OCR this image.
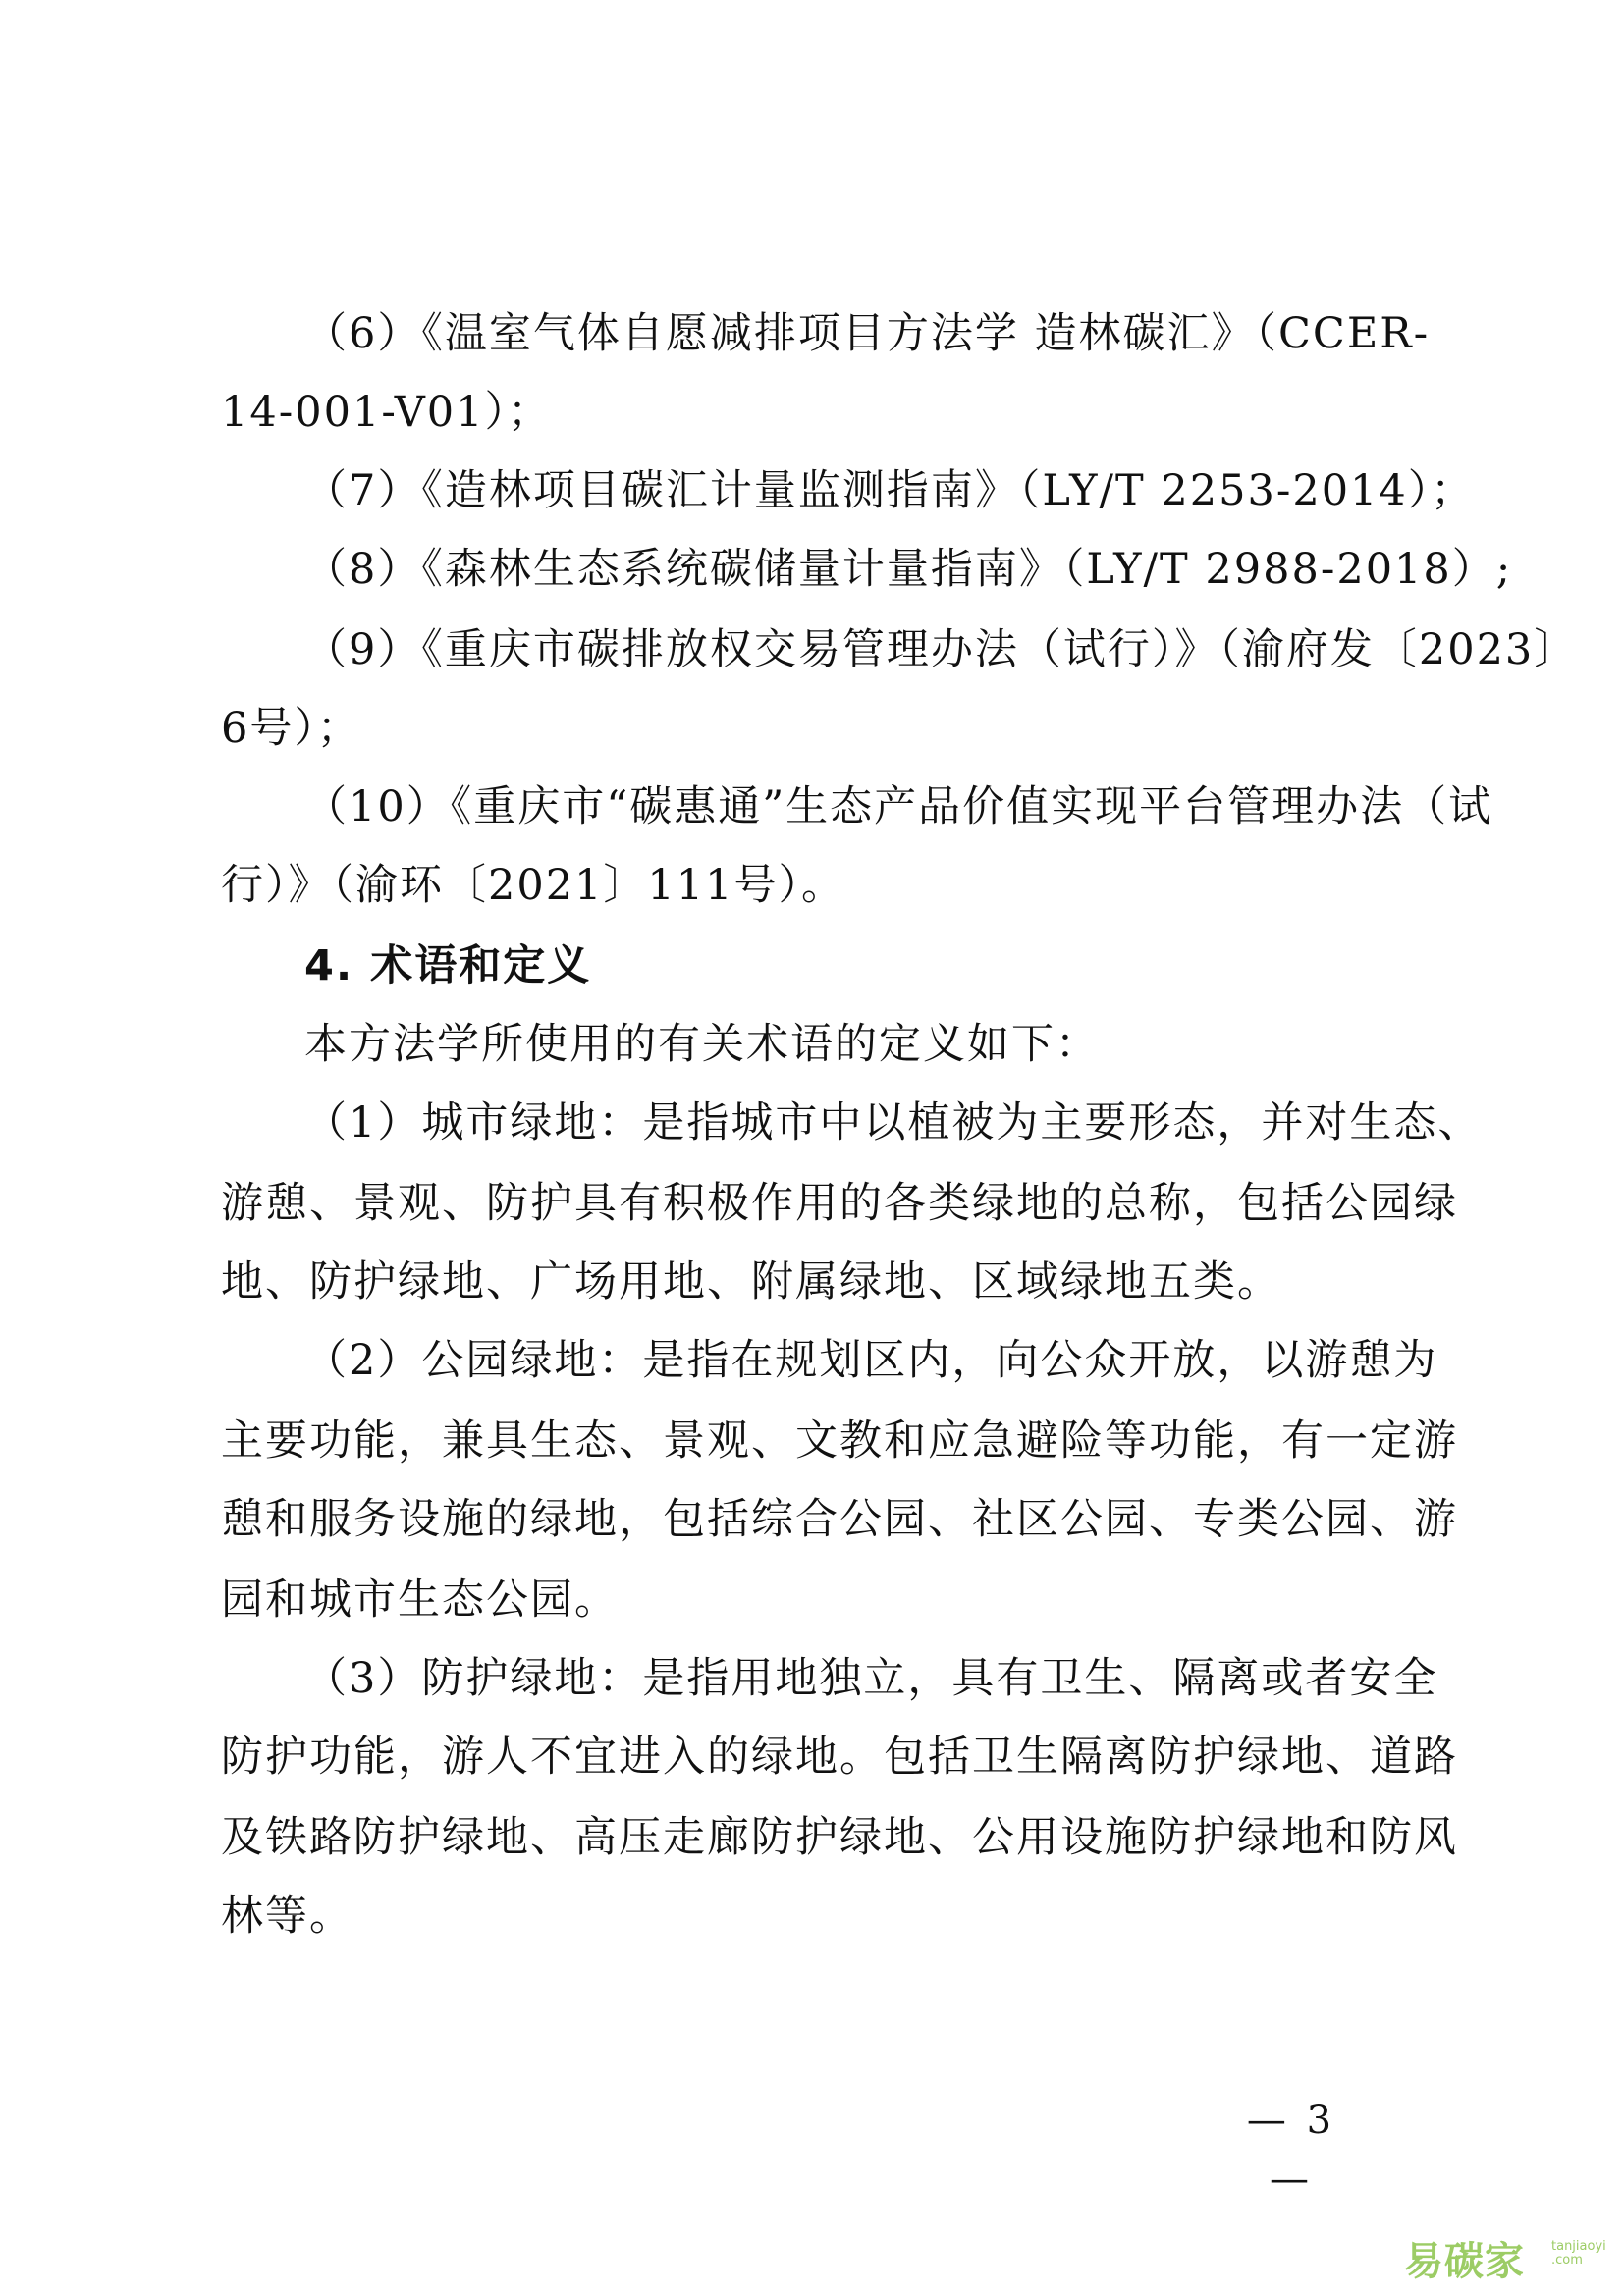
（6）《温室气体自愿减排项目方法学 造林碳汇》（CCER-
14-001-V01）；
（7）《造林项目碳汇计量监测指南》（LY/T 2253-2014）；
（8）《森林生态系统碳储量计量指南》（LY/T 2988-2018）;
（9）《重庆市碳排放权交易管理办法（试行）》（渝府发〔2023〕
6号）；
（10）《重庆市“碳惠通”生态产品价值实现平台管理办法（试
行）》（渝环〔2021〕111号）。
4. 术语和定义
本方法学所使用的有关术语的定义如下：
（1）城市绿地：是指城市中以植被为主要形态，并对生态、
游憩、景观、防护具有积极作用的各类绿地的总称，包括公园绿
地、防护绿地、广场用地、附属绿地、区域绿地五类。
（2）公园绿地：是指在规划区内，向公众开放，以游憩为
主要功能，兼具生态、景观、文教和应急避险等功能，有一定游
憩和服务设施的绿地，包括综合公园、社区公园、专类公园、游
园和城市生态公园。
（3）防护绿地：是指用地独立，具有卫生、隔离或者安全
防护功能，游人不宜进入的绿地。包括卫生隔离防护绿地、道路
及铁路防护绿地、高压走廊防护绿地、公用设施防护绿地和防风
林等。
— 3 —
易碳家 tanjiaoyi .com
